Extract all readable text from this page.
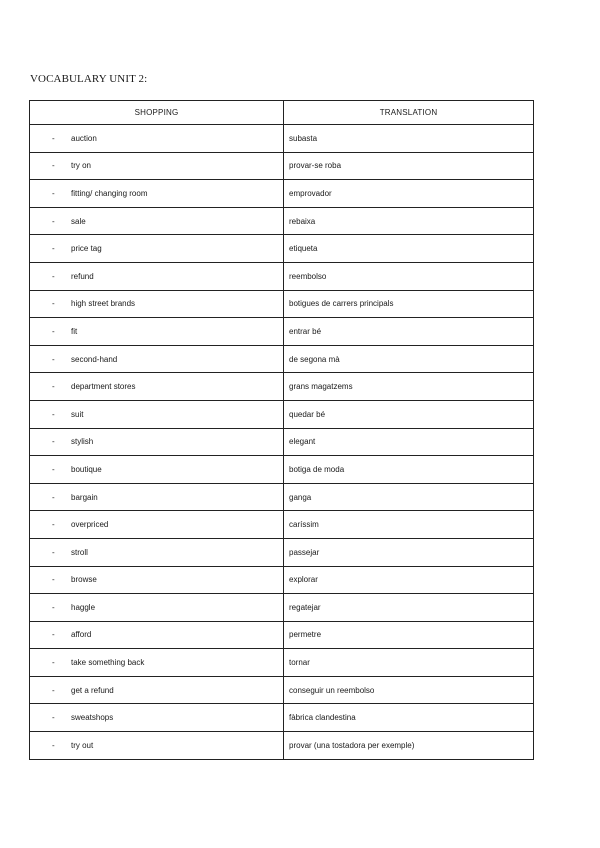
VOCABULARY UNIT 2:
SHOPPING	TRANSLATION
- auction	subasta
- try on	provar-se roba
- fitting/ changing room	emprovador
- sale	rebaixa
- price tag	etiqueta
- refund	reembolso
- high street brands	botigues de carrers principals
- fit	entrar bé
- second-hand	de segona mà
- department stores	grans magatzems
- suit	quedar bé
- stylish	elegant
- boutique	botiga de moda
- bargain	ganga
- overpriced	caríssim
- stroll	passejar
- browse	explorar
- haggle	regatejar
- afford	permetre
- take something back	tornar
- get a refund	conseguir un reembolso
- sweatshops	fàbrica clandestina
- try out	provar (una tostadora per exemple)
